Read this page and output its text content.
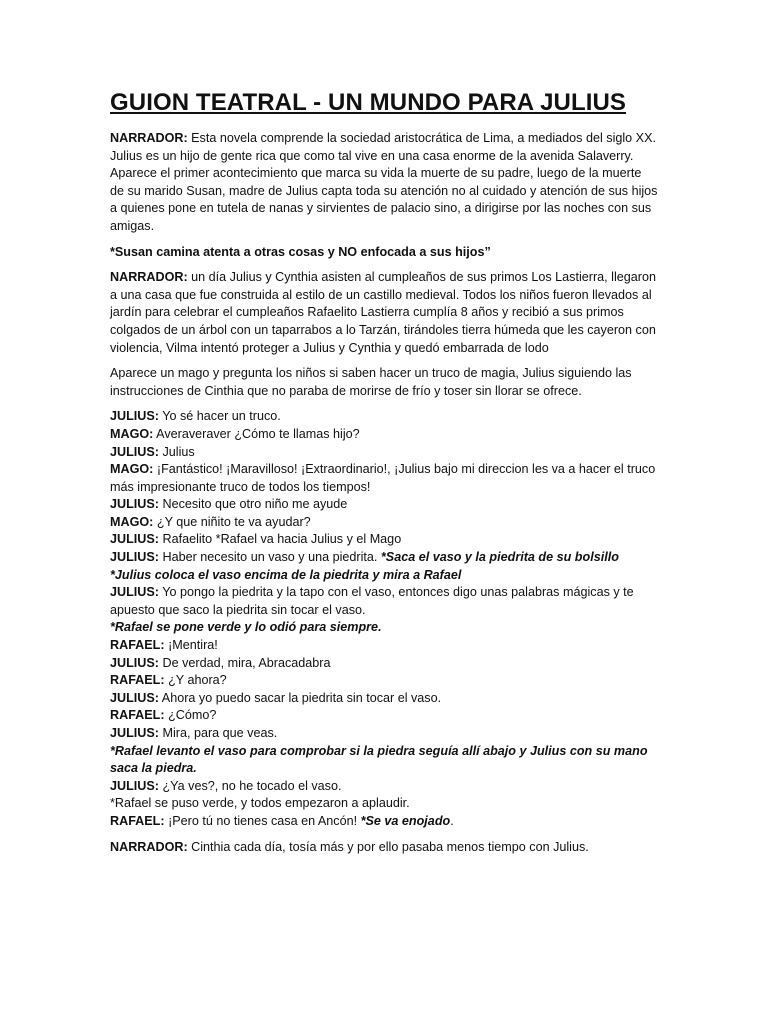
GUION TEATRAL - UN MUNDO PARA JULIUS

NARRADOR: Esta novela comprende la sociedad aristocrática de Lima, a mediados del siglo XX. Julius es un hijo de gente rica que como tal vive en una casa enorme de la avenida Salaverry. Aparece el primer acontecimiento que marca su vida la muerte de su padre, luego de la muerte de su marido Susan, madre de Julius capta toda su atención no al cuidado y atención de sus hijos a quienes pone en tutela de nanas y sirvientes de palacio sino, a dirigirse por las noches con sus amigas.

*Susan camina atenta a otras cosas y NO enfocada a sus hijos”

NARRADOR: un día Julius y Cynthia asisten al cumpleaños de sus primos Los Lastierra, llegaron a una casa que fue construida al estilo de un castillo medieval. Todos los niños fueron llevados al jardín para celebrar el cumpleaños Rafaelito Lastierra cumplía 8 años y recibió a sus primos colgados de un árbol con un taparrabos a lo Tarzán, tirándoles tierra húmeda que les cayeron con violencia, Vilma intentó proteger a Julius y Cynthia y quedó embarrada de lodo

Aparece un mago y pregunta los niños si saben hacer un truco de magia, Julius siguiendo las instrucciones de Cinthia que no paraba de morirse de frío y toser sin llorar se ofrece.

JULIUS: Yo sé hacer un truco.
MAGO: Averaveraver ¿Cómo te llamas hijo?
JULIUS: Julius
MAGO: ¡Fantástico! ¡Maravilloso! ¡Extraordinario!, ¡Julius bajo mi direccion les va a hacer el truco más impresionante truco de todos los tiempos!
JULIUS: Necesito que otro niño me ayude
MAGO: ¿Y que niñito te va ayudar?
JULIUS: Rafaelito *Rafael va hacia Julius y el Mago
JULIUS: Haber necesito un vaso y una piedrita. *Saca el vaso y la piedrita de su bolsillo
*Julius coloca el vaso encima de la piedrita y mira a Rafael
JULIUS: Yo pongo la piedrita y la tapo con el vaso, entonces digo unas palabras mágicas y te apuesto que saco la piedrita sin tocar el vaso.
*Rafael se pone verde y lo odió para siempre.
RAFAEL: ¡Mentira!
JULIUS: De verdad, mira, Abracadabra
RAFAEL: ¿Y ahora?
JULIUS: Ahora yo puedo sacar la piedrita sin tocar el vaso.
RAFAEL: ¿Cómo?
JULIUS: Mira, para que veas.
*Rafael levanto el vaso para comprobar si la piedra seguía allí abajo y Julius con su mano saca la piedra.
JULIUS: ¿Ya ves?, no he tocado el vaso.
*Rafael se puso verde, y todos empezaron a aplaudir.
RAFAEL: ¡Pero tú no tienes casa en Ancón! *Se va enojado.

NARRADOR: Cinthia cada día, tosía más y por ello pasaba menos tiempo con Julius.
